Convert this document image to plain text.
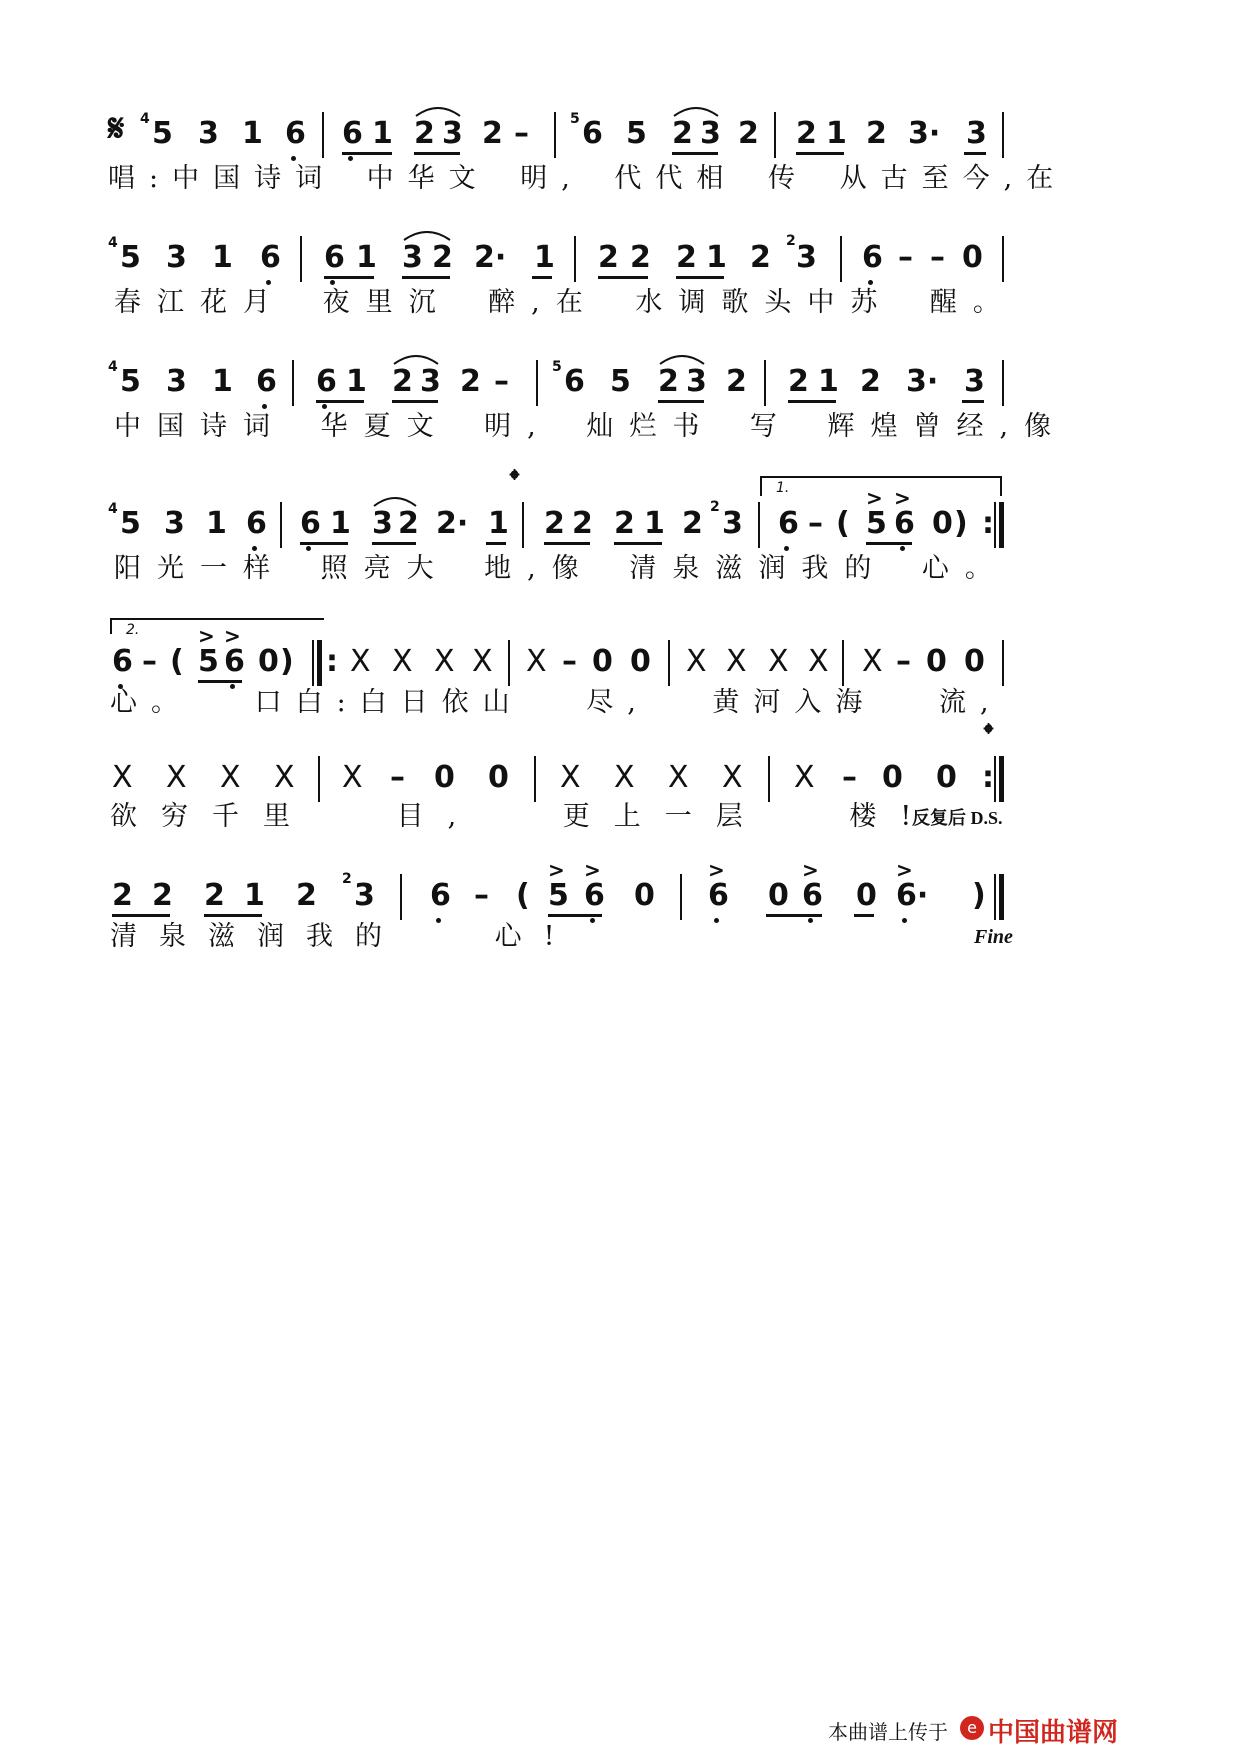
𝄋 4 5 3 1 6 6 1 2 3 2 –	5 6 5 2 3 2 2 1 2 3· 3
唱:中国诗词 中华文 明, 代代相 传 从古至今,在
4 5 3 1 6 6 1 3 2 2· 1 2 2 2 1 2 2 3 6 – – 0
春江花月 夜里沉 醉,在 水调歌头中苏 醒。
4 5 3 1 6 6 1 2 3 2 –	5 6 5 2 3 2 2 1 2 3· 3
中国诗词 华夏文 明, 灿烂书 写 辉煌曾经,像
𝄌	1.
4 5 3 1 6 6 1 3 2 2· 1 2 2 2 1 2 2 3 6 – (
> >
5 6 0 ) :
阳光一样 照亮大 地,像 清泉滋润我的 心。
2.
6 – (
> >
5 6 0 ) : X X X X X – 0 0 X X X X X – 0 0
心。 口白:白日依山 尽, 黄河入海 流,
𝄌
X X X X X – 0 0 X X X X X – 0 0 :
欲穷千里 目, 更上一层 楼!
反复后 D.S.
2 2 2 1 2 2 3 6 – (
> >
5 6 0
>
6 0
>
6 0
>
6· )
清泉滋润我的 心!	Fine
本曲谱上传于	e 中国曲谱网
